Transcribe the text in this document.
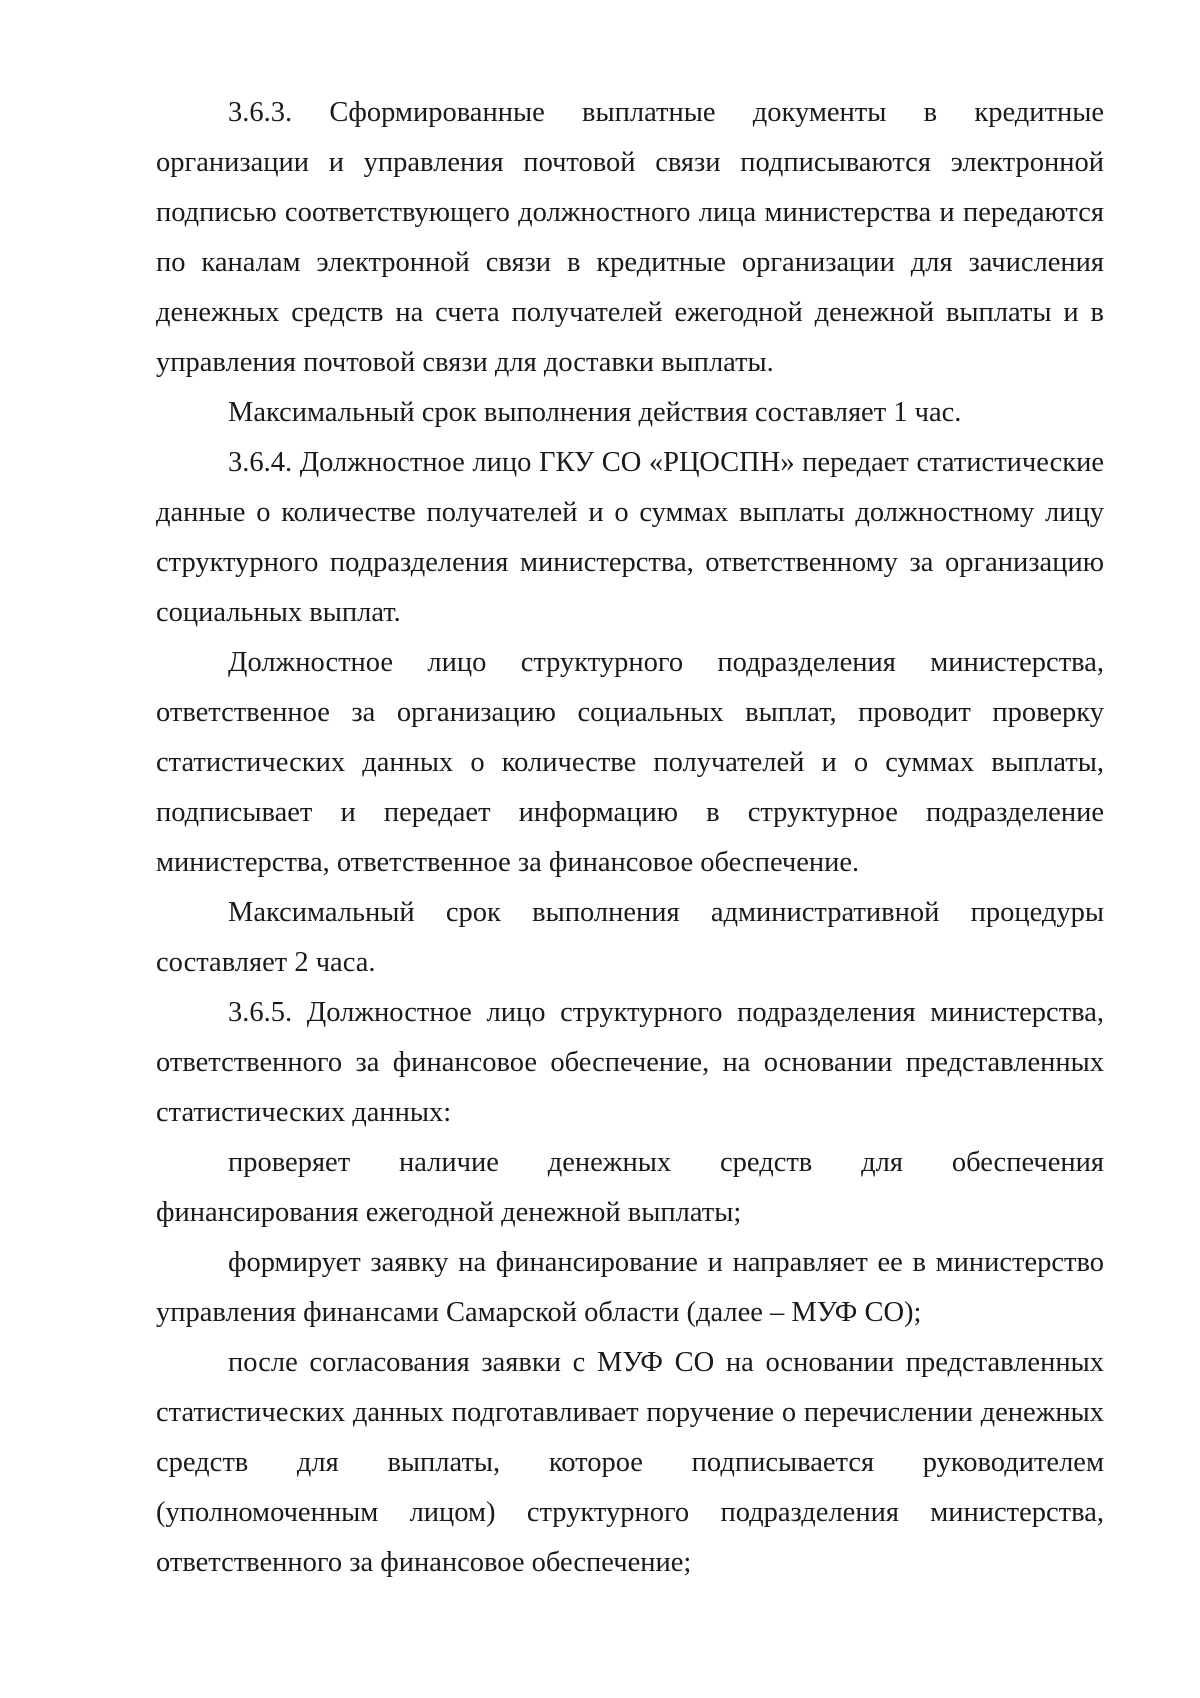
3.6.3. Сформированные выплатные документы в кредитные организации и управления почтовой связи подписываются электронной подписью соответствующего должностного лица министерства и передаются по каналам электронной связи в кредитные организации для зачисления денежных средств на счета получателей ежегодной денежной выплаты и в управления почтовой связи для доставки выплаты.

Максимальный срок выполнения действия составляет 1 час.

3.6.4. Должностное лицо ГКУ СО «РЦОСПН» передает статистические данные о количестве получателей и о суммах выплаты должностному лицу структурного подразделения министерства, ответственному за организацию социальных выплат.

Должностное лицо структурного подразделения министерства, ответственное за организацию социальных выплат, проводит проверку статистических данных о количестве получателей и о суммах выплаты, подписывает и передает информацию в структурное подразделение министерства, ответственное за финансовое обеспечение.

Максимальный срок выполнения административной процедуры составляет 2 часа.

3.6.5. Должностное лицо структурного подразделения министерства, ответственного за финансовое обеспечение, на основании представленных статистических данных:

проверяет наличие денежных средств для обеспечения финансирования ежегодной денежной выплаты;

формирует заявку на финансирование и направляет ее в министерство управления финансами Самарской области (далее – МУФ СО);

после согласования заявки с МУФ СО на основании представленных статистических данных подготавливает поручение о перечислении денежных средств для выплаты, которое подписывается руководителем (уполномоченным лицом) структурного подразделения министерства, ответственного за финансовое обеспечение;
